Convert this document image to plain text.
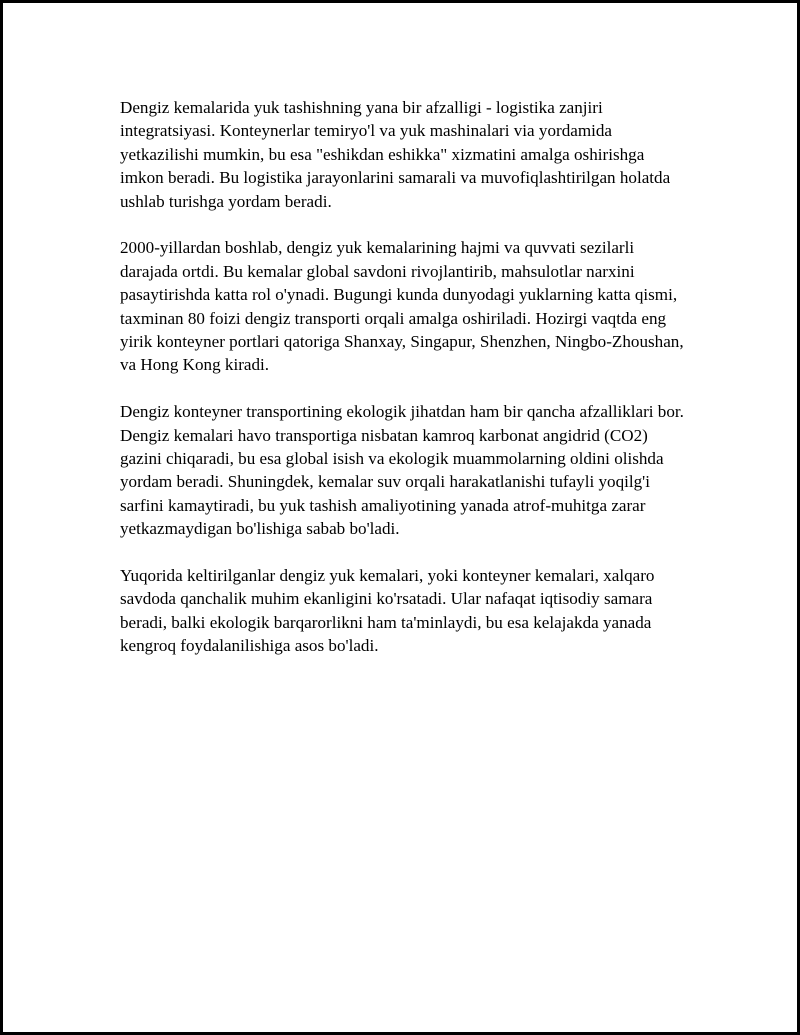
Dengiz kemalarida yuk tashishning yana bir afzalligi - logistika zanjiri integratsiyasi. Konteynerlar temiryo'l va yuk mashinalari via yordamida yetkazilishi mumkin, bu esa "eshikdan eshikka" xizmatini amalga oshirishga imkon beradi. Bu logistika jarayonlarini samarali va muvofiqlashtirilgan holatda ushlab turishga yordam beradi.

2000-yillardan boshlab, dengiz yuk kemalarining hajmi va quvvati sezilarli darajada ortdi. Bu kemalar global savdoni rivojlantirib, mahsulotlar narxini pasaytirishda katta rol o'ynadi. Bugungi kunda dunyodagi yuklarning katta qismi, taxminan 80 foizi dengiz transporti orqali amalga oshiriladi. Hozirgi vaqtda eng yirik konteyner portlari qatoriga Shanxay, Singapur, Shenzhen, Ningbo-Zhoushan, va Hong Kong kiradi.

Dengiz konteyner transportining ekologik jihatdan ham bir qancha afzalliklari bor. Dengiz kemalari havo transportiga nisbatan kamroq karbonat angidrid (CO2) gazini chiqaradi, bu esa global isish va ekologik muammolarning oldini olishda yordam beradi. Shuningdek, kemalar suv orqali harakatlanishi tufayli yoqilg'i sarfini kamaytiradi, bu yuk tashish amaliyotining yanada atrof-muhitga zarar yetkazmaydigan bo'lishiga sabab bo'ladi.

Yuqorida keltirilganlar dengiz yuk kemalari, yoki konteyner kemalari, xalqaro savdoda qanchalik muhim ekanligini ko'rsatadi. Ular nafaqat iqtisodiy samara beradi, balki ekologik barqarorlikni ham ta'minlaydi, bu esa kelajakda yanada kengroq foydalanilishiga asos bo'ladi.
